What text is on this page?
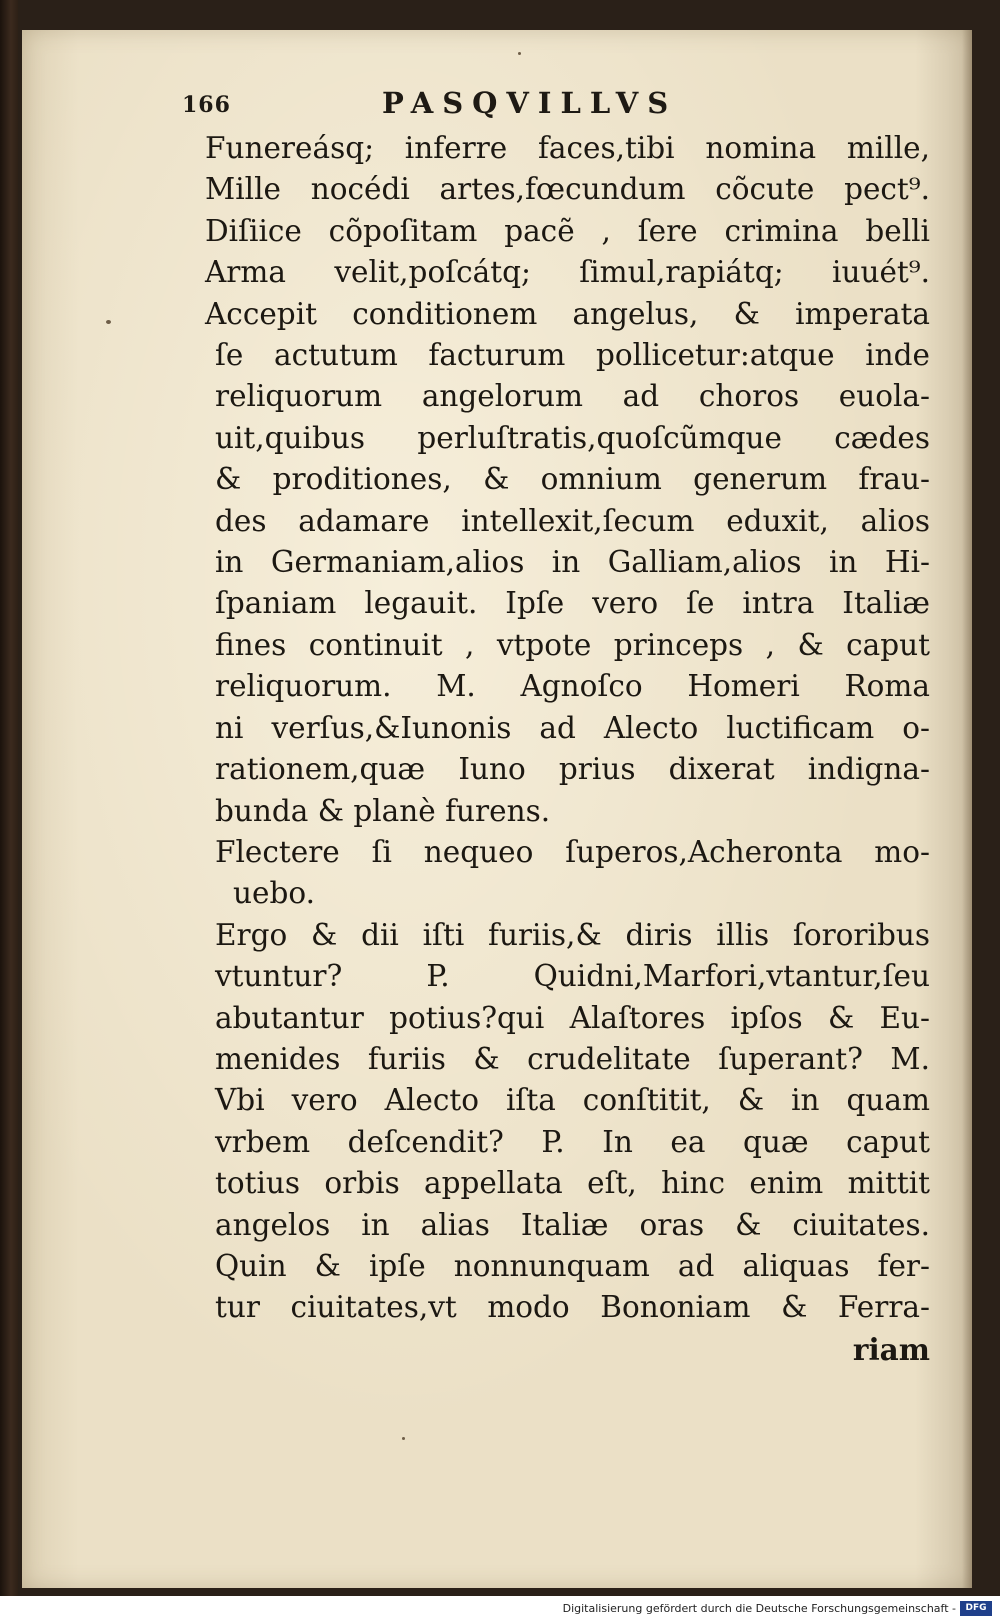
166	PASQVILLVS
Funereásq; inferre faces,tibi nomina mille,
Mille nocédi artes,fœcundum cõcute pect⁹.
Diſiice cõpoſitam pacẽ , ſere crimina belli
Arma velit,poſcátq; ſimul,rapiátq; iuuét⁹.
Accepit conditionem angelus, & imperata
ſe actutum facturum pollicetur:atque inde
reliquorum angelorum ad choros euola-
uit,quibus perluſtratis,quoſcũmque cædes
& proditiones, & omnium generum frau-
des adamare intellexit,ſecum eduxit, alios
in Germaniam,alios in Galliam,alios in Hi-
ſpaniam legauit. Ipſe vero ſe intra Italiæ
fines continuit , vtpote princeps , & caput
reliquorum. M. Agnoſco Homeri Roma
ni verſus,&Iunonis ad Alecto luctificam o-
rationem,quæ Iuno prius dixerat indigna-
bunda & planè furens.
Flectere ſi nequeo ſuperos,Acheronta mo-
uebo.
Ergo & dii iſti furiis,& diris illis ſororibus
vtuntur? P. Quidni,Marfori,vtantur,ſeu
abutantur potius?qui Alaſtores ipſos & Eu-
menides furiis & crudelitate ſuperant? M.
Vbi vero Alecto iſta conſtitit, & in quam
vrbem deſcendit? P. In ea quæ caput
totius orbis appellata eſt, hinc enim mittit
angelos in alias Italiæ oras & ciuitates.
Quin & ipſe nonnunquam ad aliquas fer-
tur ciuitates,vt modo Bononiam & Ferra-
riam
Digitalisierung gefördert durch die Deutsche Forschungsgemeinschaft -	DFG
